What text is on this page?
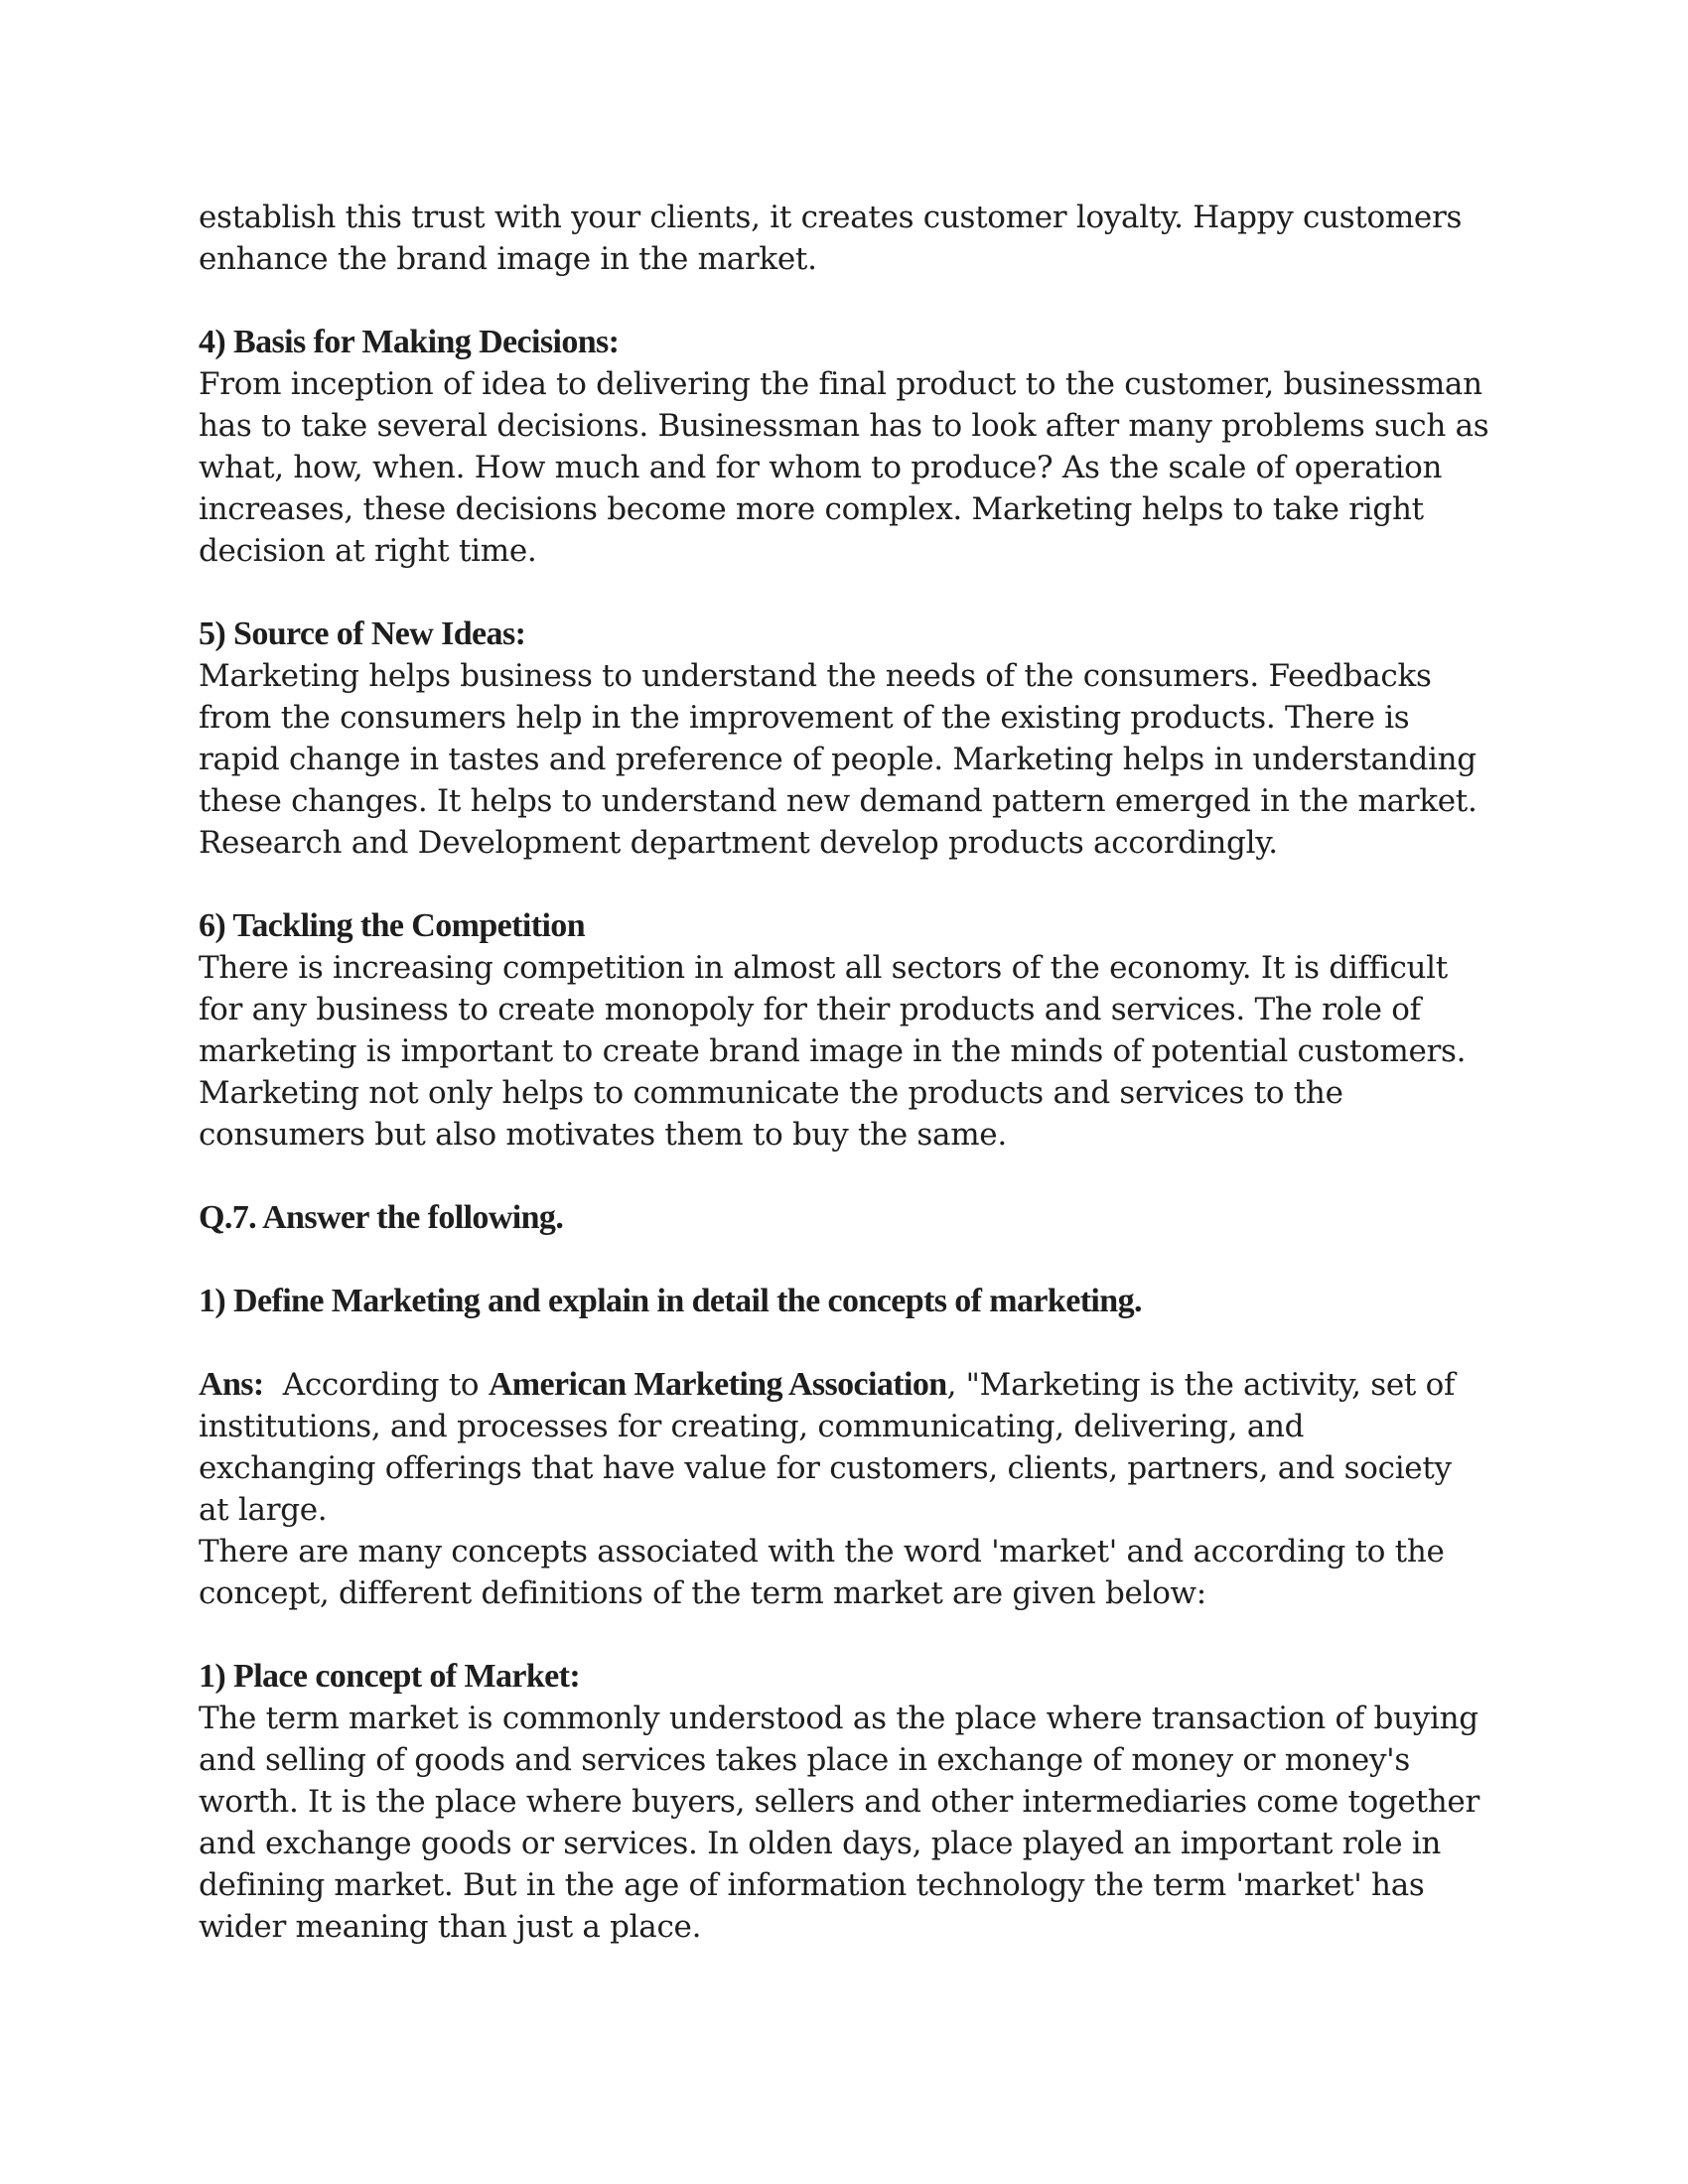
establish this trust with your clients, it creates customer loyalty. Happy customers enhance the brand image in the market.

4) Basis for Making Decisions:

From inception of idea to delivering the final product to the customer, businessman has to take several decisions. Businessman has to look after many problems such as what, how, when. How much and for whom to produce? As the scale of operation increases, these decisions become more complex. Marketing helps to take right decision at right time.

5) Source of New Ideas:

Marketing helps business to understand the needs of the consumers. Feedbacks from the consumers help in the improvement of the existing products. There is rapid change in tastes and preference of people. Marketing helps in understanding these changes. It helps to understand new demand pattern emerged in the market. Research and Development department develop products accordingly.

6) Tackling the Competition

There is increasing competition in almost all sectors of the economy. It is difficult for any business to create monopoly for their products and services. The role of marketing is important to create brand image in the minds of potential customers. Marketing not only helps to communicate the products and services to the consumers but also motivates them to buy the same.

Q.7. Answer the following.

1) Define Marketing and explain in detail the concepts of marketing.

Ans: According to American Marketing Association, "Marketing is the activity, set of institutions, and processes for creating, communicating, delivering, and exchanging offerings that have value for customers, clients, partners, and society at large.

There are many concepts associated with the word 'market' and according to the concept, different definitions of the term market are given below:

1) Place concept of Market:

The term market is commonly understood as the place where transaction of buying and selling of goods and services takes place in exchange of money or money's worth. It is the place where buyers, sellers and other intermediaries come together and exchange goods or services. In olden days, place played an important role in defining market. But in the age of information technology the term 'market' has wider meaning than just a place.
